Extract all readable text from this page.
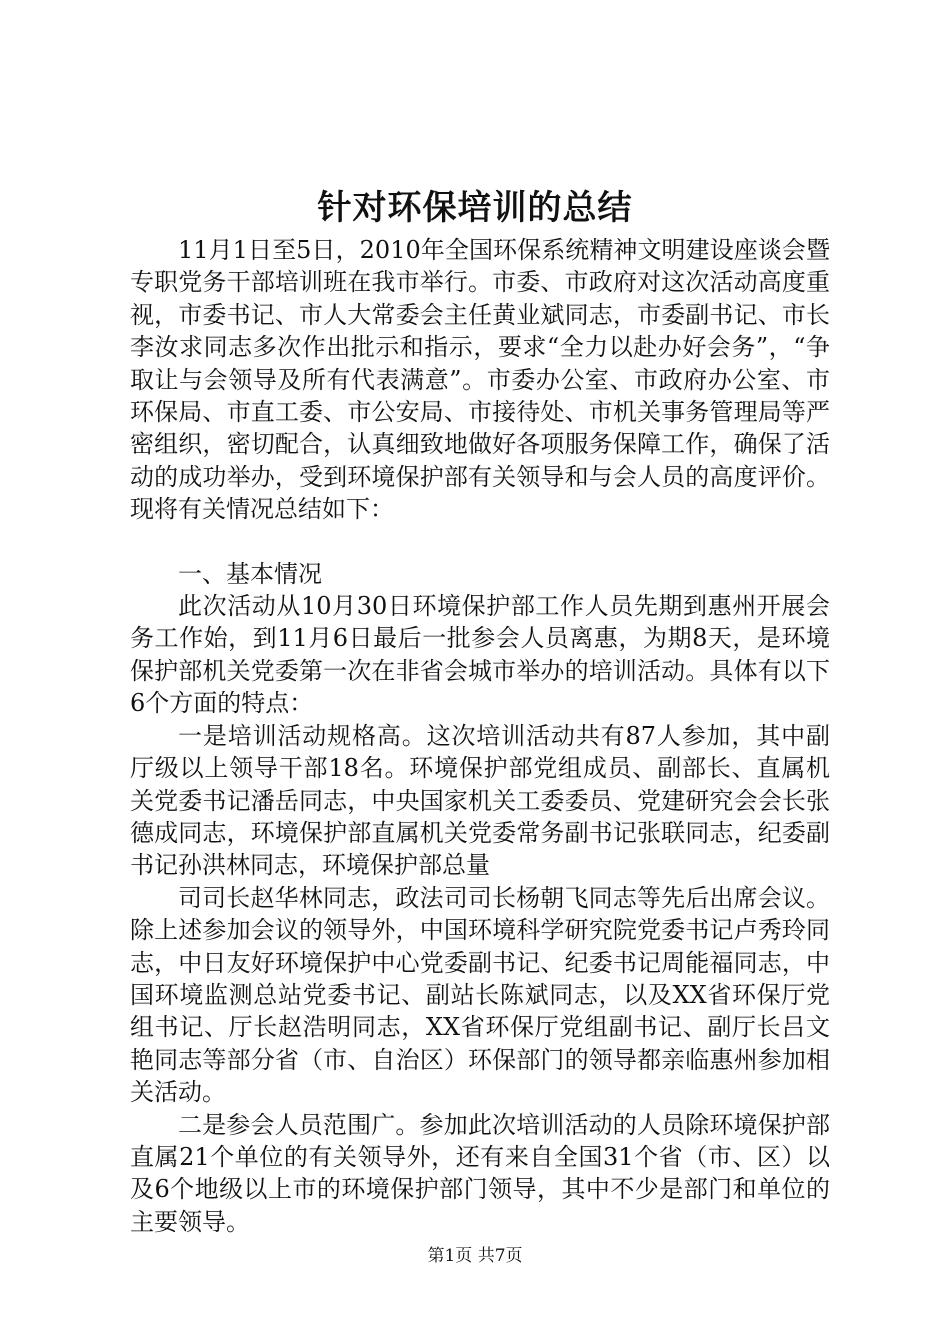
针对环保培训的总结

11月1日至5日，2010年全国环保系统精神文明建设座谈会暨专职党务干部培训班在我市举行。市委、市政府对这次活动高度重视，市委书记、市人大常委会主任黄业斌同志，市委副书记、市长李汝求同志多次作出批示和指示，要求“全力以赴办好会务”，“争取让与会领导及所有代表满意”。市委办公室、市政府办公室、市环保局、市直工委、市公安局、市接待处、市机关事务管理局等严密组织，密切配合，认真细致地做好各项服务保障工作，确保了活动的成功举办，受到环境保护部有关领导和与会人员的高度评价。现将有关情况总结如下：

一、基本情况

此次活动从10月30日环境保护部工作人员先期到惠州开展会务工作始，到11月6日最后一批参会人员离惠，为期8天，是环境保护部机关党委第一次在非省会城市举办的培训活动。具体有以下6个方面的特点：

一是培训活动规格高。这次培训活动共有87人参加，其中副厅级以上领导干部18名。环境保护部党组成员、副部长、直属机关党委书记潘岳同志，中央国家机关工委委员、党建研究会会长张德成同志，环境保护部直属机关党委常务副书记张联同志，纪委副书记孙洪林同志，环境保护部总量

司司长赵华林同志，政法司司长杨朝飞同志等先后出席会议。除上述参加会议的领导外，中国环境科学研究院党委书记卢秀玲同志，中日友好环境保护中心党委副书记、纪委书记周能福同志，中国环境监测总站党委书记、副站长陈斌同志，以及XX省环保厅党组书记、厅长赵浩明同志，XX省环保厅党组副书记、副厅长吕文艳同志等部分省（市、自治区）环保部门的领导都亲临惠州参加相关活动。

二是参会人员范围广。参加此次培训活动的人员除环境保护部直属21个单位的有关领导外，还有来自全国31个省（市、区）以及6个地级以上市的环境保护部门领导，其中不少是部门和单位的主要领导。

第1页 共7页
